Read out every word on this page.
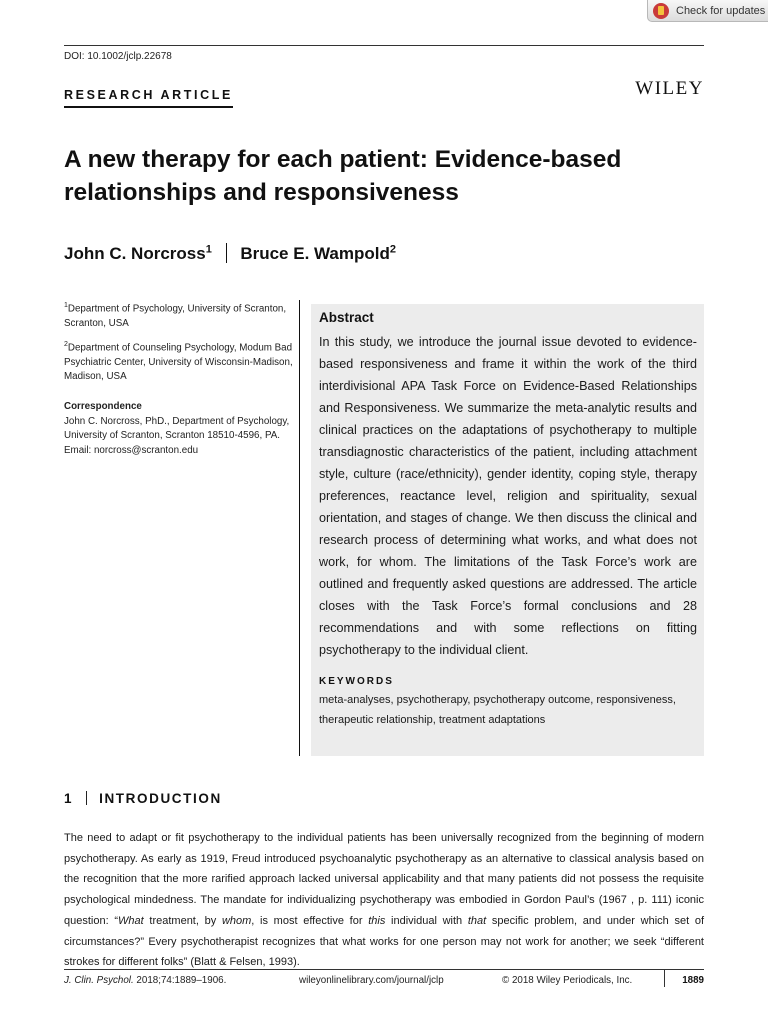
Check for updates
DOI: 10.1002/jclp.22678
WILEY
RESEARCH ARTICLE
A new therapy for each patient: Evidence-based relationships and responsiveness
John C. Norcross$^1$ Bruce E. Wampold$^2$

$^1$Department of Psychology, University of Scranton, Scranton, USA

$^2$Department of Counseling Psychology, Modum Bad Psychiatric Center, University of Wisconsin-Madison, Madison, USA

Correspondence

John C. Norcross, PhD., Department of Psychology, University of Scranton, Scranton 18510-4596, PA.

Email: norcross@scranton.edu

Abstract

In this study, we introduce the journal issue devoted to evidence-based responsiveness and frame it within the work of the third interdivisional APA Task Force on Evidence-Based Relationships and Responsiveness. We summarize the meta-analytic results and clinical practices on the adaptations of psychotherapy to multiple transdiagnostic characteristics of the patient, including attachment style, culture (race/ethnicity), gender identity, coping style, therapy preferences, reactance level, religion and spirituality, sexual orientation, and stages of change. We then discuss the clinical and research process of determining what works, and what does not work, for whom. The limitations of the Task Force’s work are outlined and frequently asked questions are addressed. The article closes with the Task Force’s formal conclusions and 28 recommendations and with some reflections on fitting psychotherapy to the individual client.

KEYWORDS

meta-analyses, psychotherapy, psychotherapy outcome, responsiveness, therapeutic relationship, treatment adaptations

1 INTRODUCTION

The need to adapt or fit psychotherapy to the individual patients has been universally recognized from the beginning of modern psychotherapy. As early as 1919, Freud introduced psychoanalytic psychotherapy as an alternative to classical analysis based on the recognition that the more rarified approach lacked universal applicability and that many patients did not possess the requisite psychological mindedness. The mandate for individualizing psychotherapy was embodied in Gordon Paul’s (1967 , p. 111) iconic question: “What treatment, by whom, is most effective for this individual with that specific problem, and under which set of circumstances?” Every psychotherapist recognizes that what works for one person may not work for another; we seek “different strokes for different folks” (Blatt & Felsen, 1993).

J. Clin. Psychol. 2018;74:1889–1906.	wileyonlinelibrary.com/journal/jclp	© 2018 Wiley Periodicals, Inc.	1889
